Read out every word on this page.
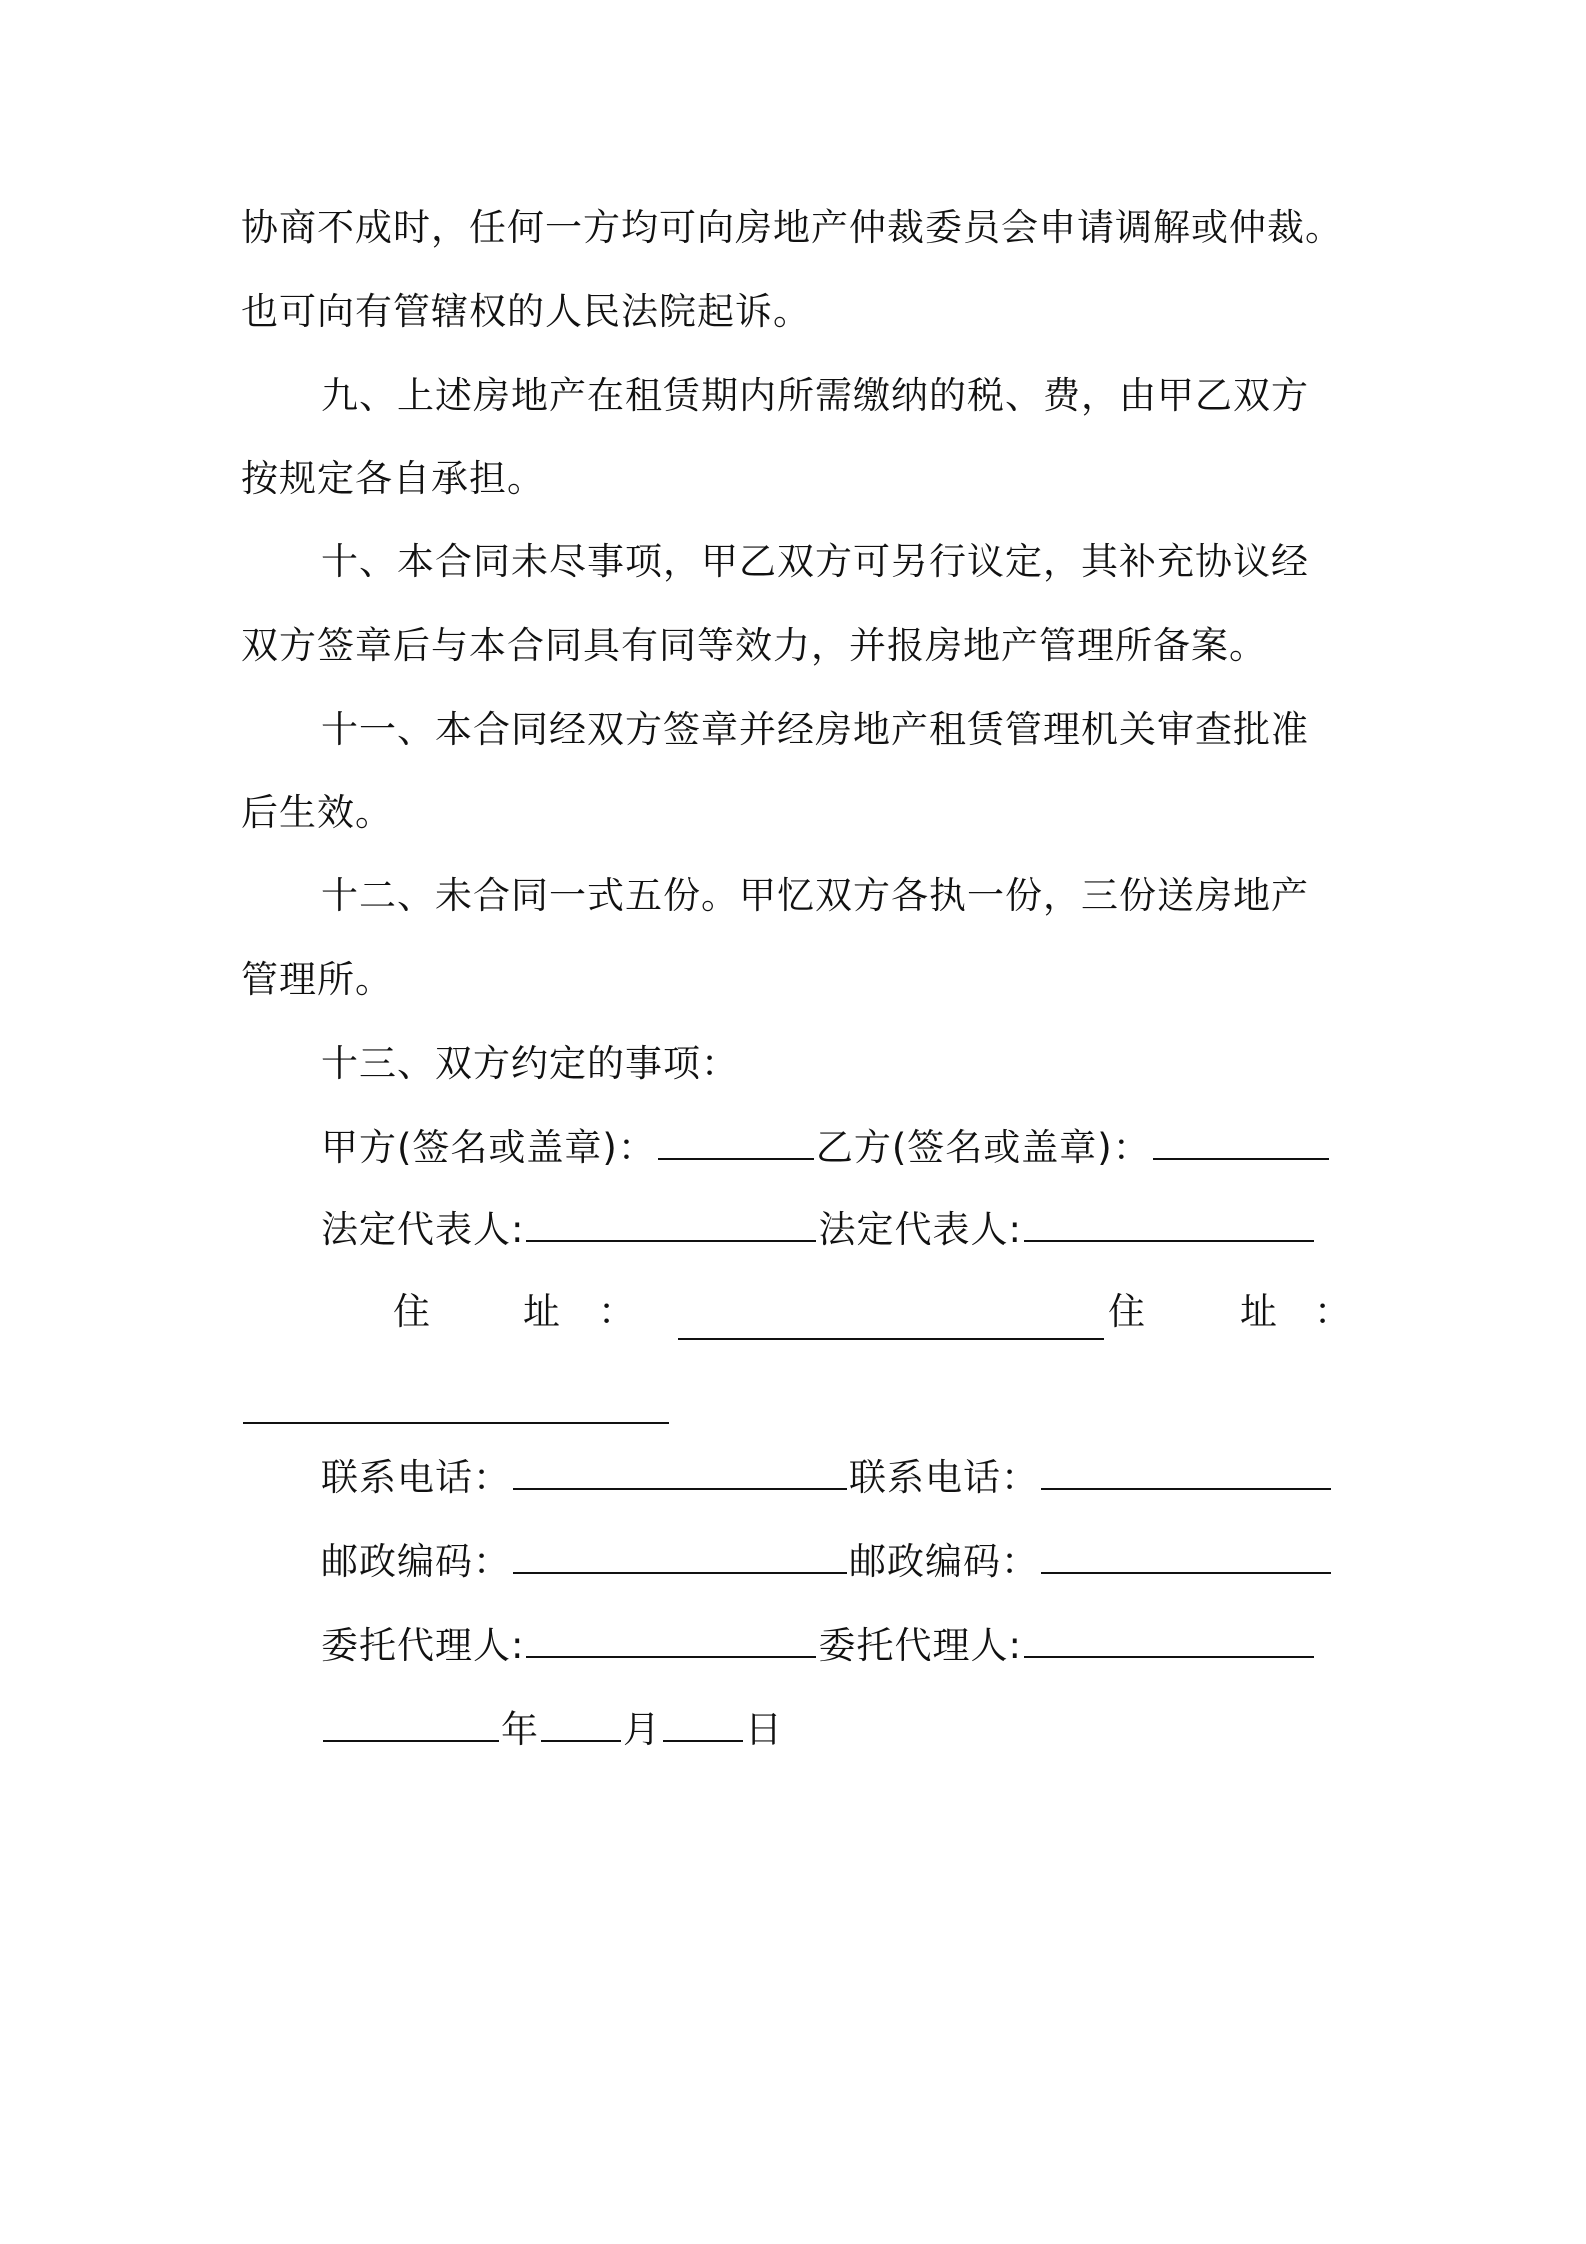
协商不成时，任何一方均可向房地产仲裁委员会申请调解或仲裁。
也可向有管辖权的人民法院起诉。
九、上述房地产在租赁期内所需缴纳的税、费，由甲乙双方
按规定各自承担。
十、本合同未尽事项，甲乙双方可另行议定，其补充协议经
双方签章后与本合同具有同等效力，并报房地产管理所备案。
十一、本合同经双方签章并经房地产租赁管理机关审查批准
后生效。
十二、未合同一式五份。甲忆双方各执一份，三份送房地产
管理所。
十三、双方约定的事项：
甲方(签名或盖章)：	乙方(签名或盖章)：
法定代表人:	法定代表人:
住	址 ：	住	址 ：
联系电话：	联系电话：
邮政编码：	邮政编码：
委托代理人:	委托代理人:
年 月 日
